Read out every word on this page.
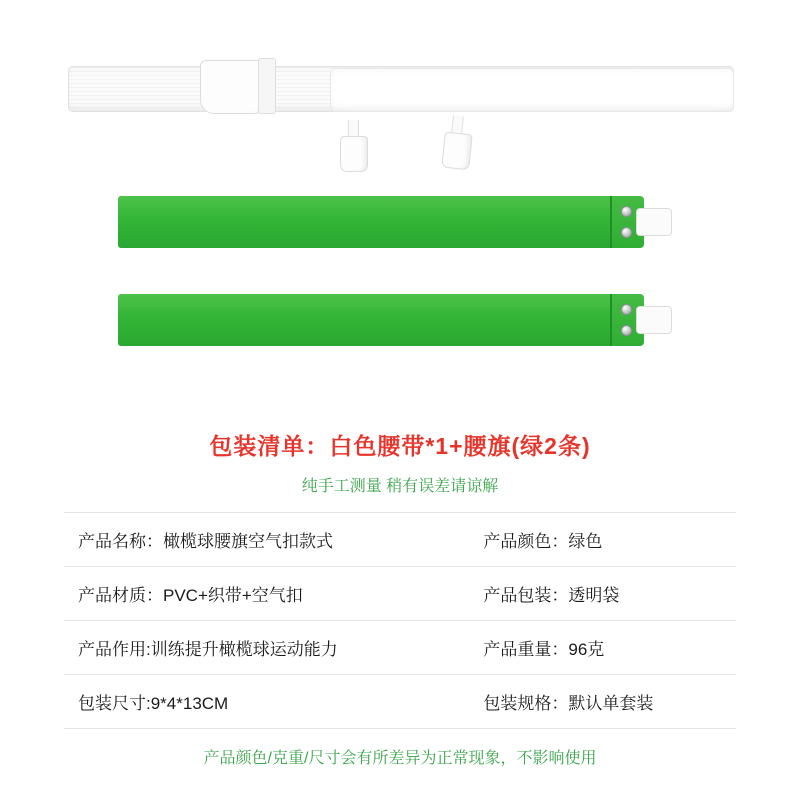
包装清单：白色腰带*1+腰旗(绿2条)
纯手工测量 稍有误差请谅解
产品名称：橄榄球腰旗空气扣款式	产品颜色：绿色
产品材质：PVC+织带+空气扣	产品包装：透明袋
产品作用:训练提升橄榄球运动能力	产品重量：96克
包装尺寸:9*4*13CM	包装规格：默认单套装
产品颜色/克重/尺寸会有所差异为正常现象，不影响使用
